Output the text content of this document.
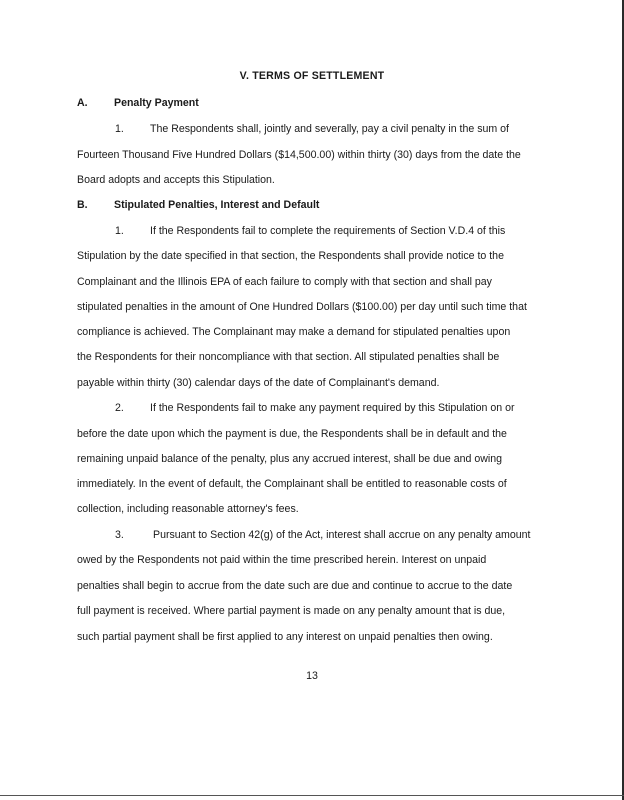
V. TERMS OF SETTLEMENT
A. Penalty Payment
1. The Respondents shall, jointly and severally, pay a civil penalty in the sum of
Fourteen Thousand Five Hundred Dollars ($14,500.00) within thirty (30) days from the date the
Board adopts and accepts this Stipulation.
B. Stipulated Penalties, Interest and Default
1. If the Respondents fail to complete the requirements of Section V.D.4 of this
Stipulation by the date specified in that section, the Respondents shall provide notice to the
Complainant and the Illinois EPA of each failure to comply with that section and shall pay
stipulated penalties in the amount of One Hundred Dollars ($100.00) per day until such time that
compliance is achieved. The Complainant may make a demand for stipulated penalties upon
the Respondents for their noncompliance with that section. All stipulated penalties shall be
payable within thirty (30) calendar days of the date of Complainant's demand.
2. If the Respondents fail to make any payment required by this Stipulation on or
before the date upon which the payment is due, the Respondents shall be in default and the
remaining unpaid balance of the penalty, plus any accrued interest, shall be due and owing
immediately. In the event of default, the Complainant shall be entitled to reasonable costs of
collection, including reasonable attorney's fees.
3.	Pursuant to Section 42(g) of the Act, interest shall accrue on any penalty amount
owed by the Respondents not paid within the time prescribed herein. Interest on unpaid
penalties shall begin to accrue from the date such are due and continue to accrue to the date
full payment is received. Where partial payment is made on any penalty amount that is due,
such partial payment shall be first applied to any interest on unpaid penalties then owing.
13
